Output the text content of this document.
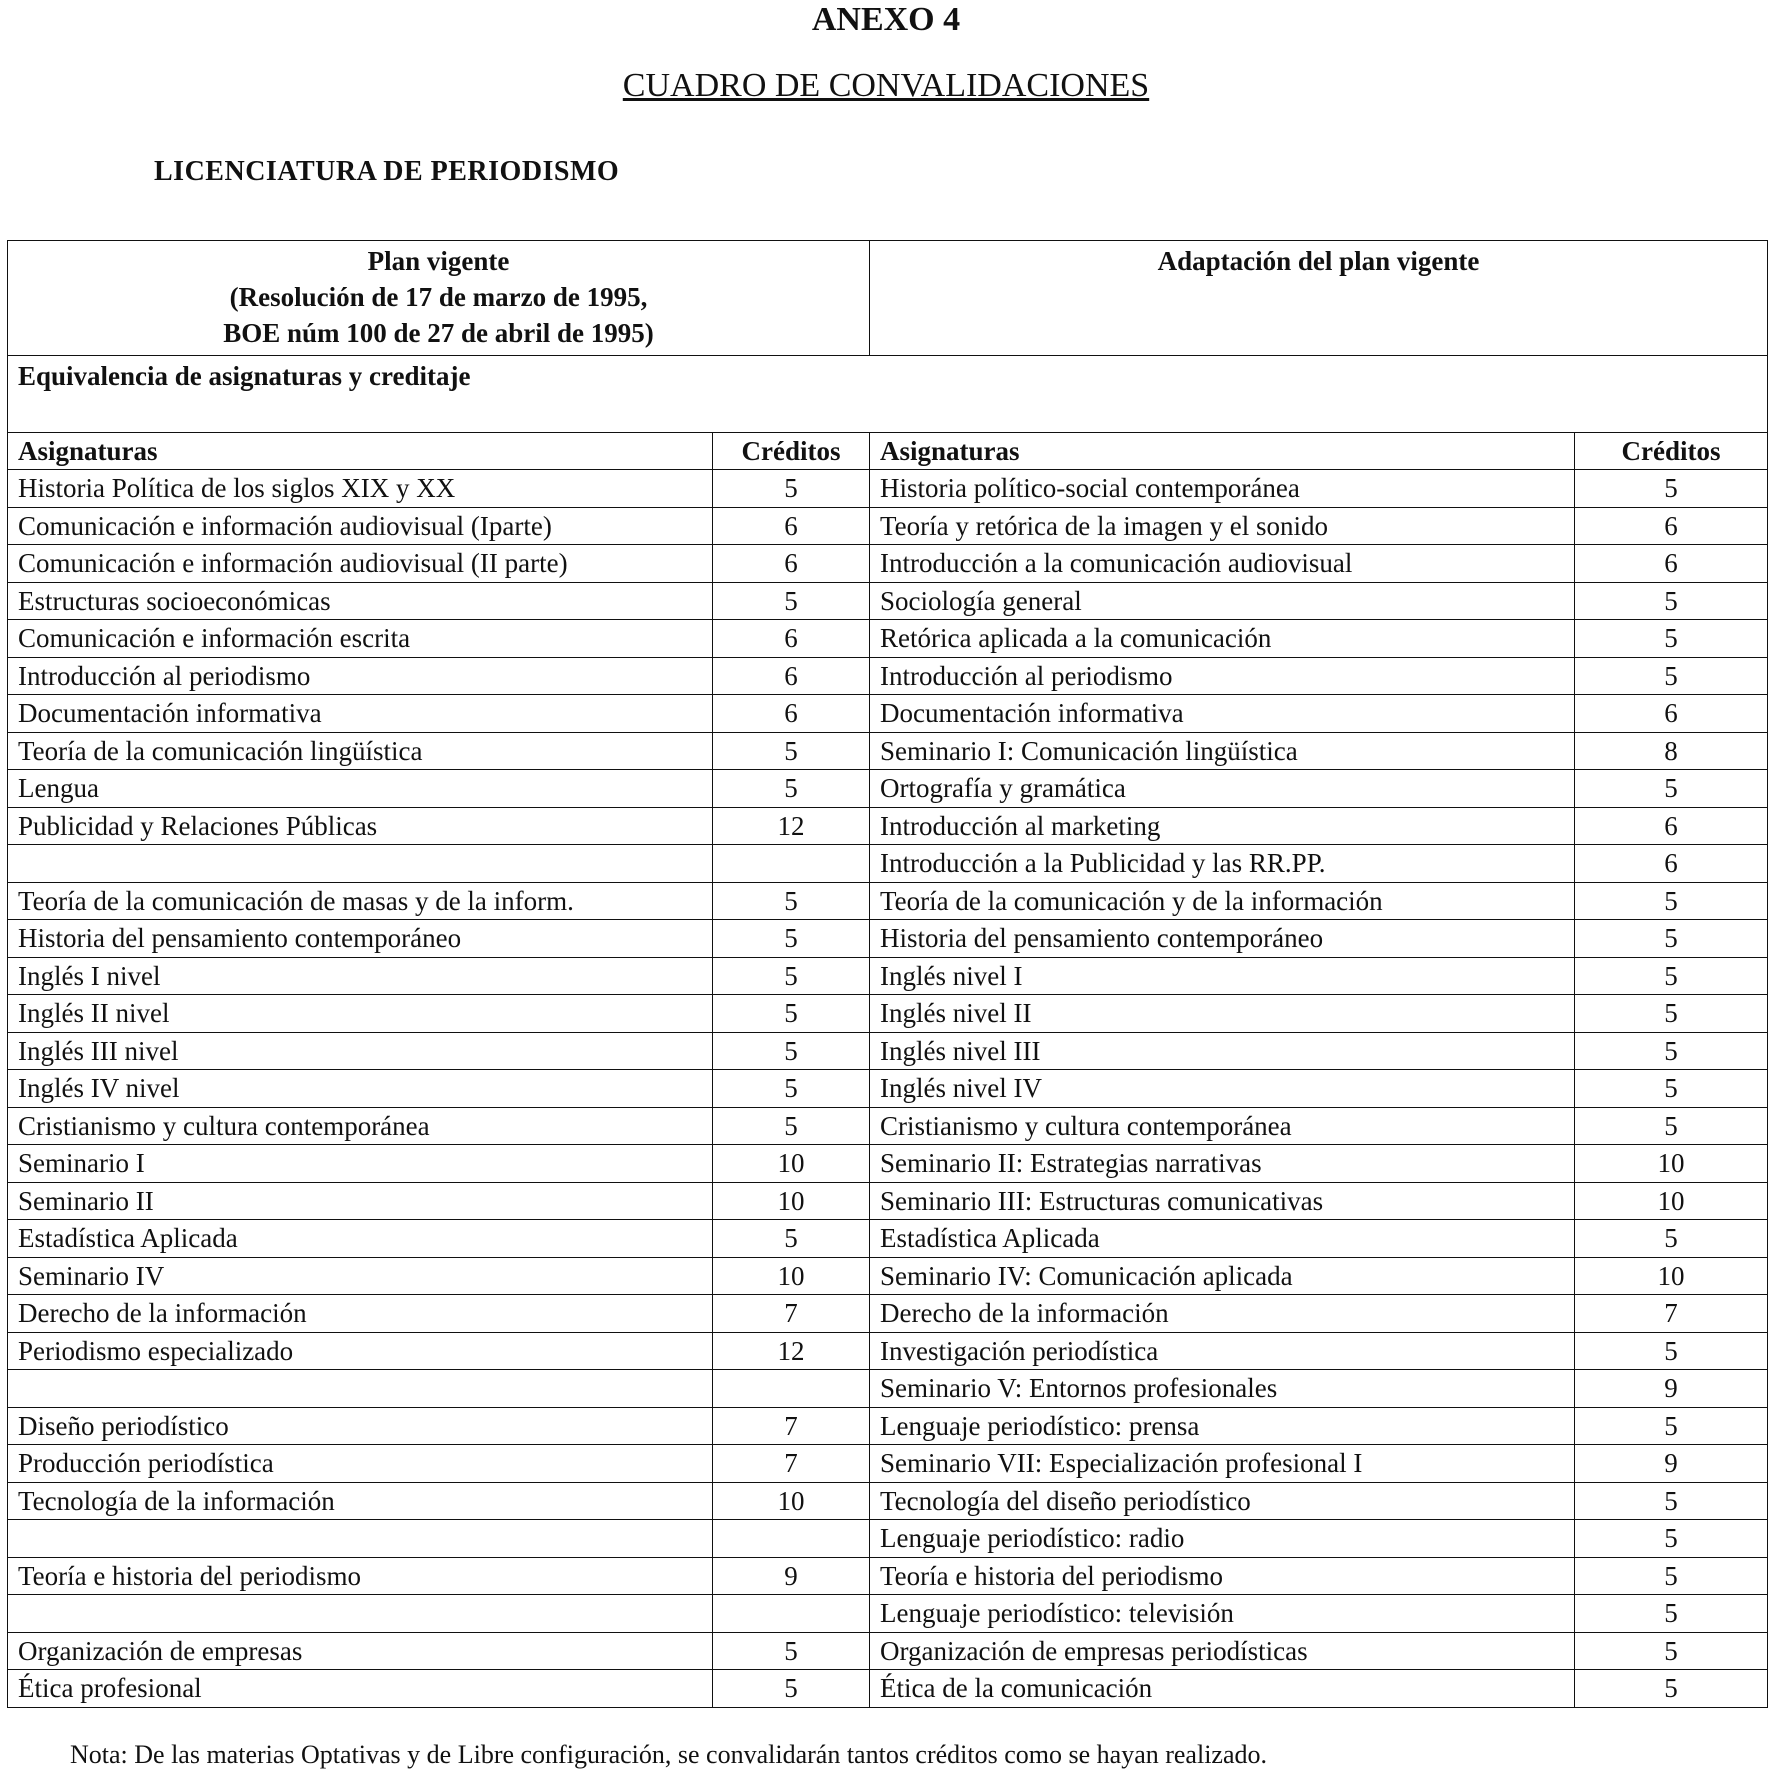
ANEXO 4
CUADRO DE CONVALIDACIONES
LICENCIATURA DE PERIODISMO
Plan vigente
(Resolución de 17 de marzo de 1995,
BOE núm 100 de 27 de abril de 1995)		Adaptación del plan vigente	
Equivalencia de asignaturas y creditaje			
Asignaturas	Créditos	Asignaturas	Créditos
Historia Política de los siglos XIX y XX	5	Historia político-social contemporánea	5
Comunicación e información audiovisual (Iparte)	6	Teoría y retórica de la imagen y el sonido	6
Comunicación e información audiovisual (II parte)	6	Introducción a la comunicación audiovisual	6
Estructuras socioeconómicas	5	Sociología general	5
Comunicación e información escrita	6	Retórica aplicada a la comunicación	5
Introducción al periodismo	6	Introducción al periodismo	5
Documentación informativa	6	Documentación informativa	6
Teoría de la comunicación lingüística	5	Seminario I: Comunicación lingüística	8
Lengua	5	Ortografía y gramática	5
Publicidad y Relaciones Públicas	12	Introducción al marketing	6
		Introducción a la Publicidad y las RR.PP.	6
Teoría de la comunicación de masas y de la inform.	5	Teoría de la comunicación y de la información	5
Historia del pensamiento contemporáneo	5	Historia del pensamiento contemporáneo	5
Inglés I nivel	5	Inglés nivel I	5
Inglés II nivel	5	Inglés nivel II	5
Inglés III nivel	5	Inglés nivel III	5
Inglés IV nivel	5	Inglés nivel IV	5
Cristianismo y cultura contemporánea	5	Cristianismo y cultura contemporánea	5
Seminario I	10	Seminario II: Estrategias narrativas	10
Seminario II	10	Seminario III: Estructuras comunicativas	10
Estadística Aplicada	5	Estadística Aplicada	5
Seminario IV	10	Seminario IV: Comunicación aplicada	10
Derecho de la información	7	Derecho de la información	7
Periodismo especializado	12	Investigación periodística	5
		Seminario V: Entornos profesionales	9
Diseño periodístico	7	Lenguaje periodístico: prensa	5
Producción periodística	7	Seminario VII: Especialización profesional I	9
Tecnología de la información	10	Tecnología del diseño periodístico	5
		Lenguaje periodístico: radio	5
Teoría e historia del periodismo	9	Teoría e historia del periodismo	5
		Lenguaje periodístico: televisión	5
Organización de empresas	5	Organización de empresas periodísticas	5
Ética profesional	5	Ética de la comunicación	5
Nota: De las materias Optativas y de Libre configuración, se convalidarán tantos créditos como se hayan realizado.
